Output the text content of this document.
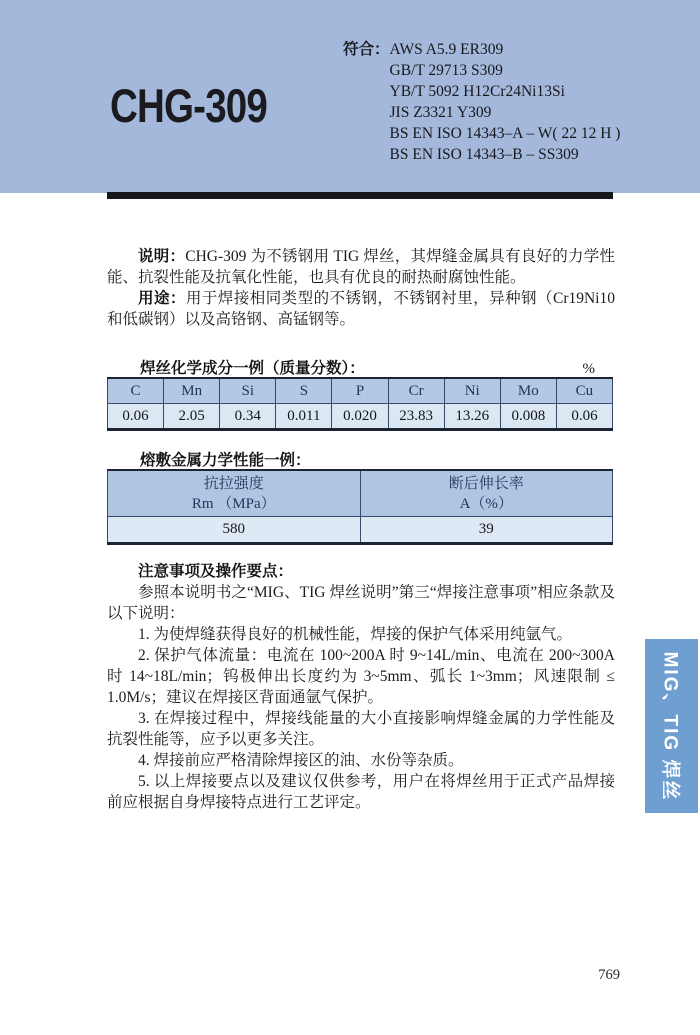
CHG-309
符合： AWS A5.9 ER309
GB/T 29713 S309
YB/T 5092 H12Cr24Ni13Si
JIS Z3321 Y309
BS EN ISO 14343–A – W( 22 12 H )
BS EN ISO 14343–B – SS309

说明：CHG-309 为不锈钢用 TIG 焊丝，其焊缝金属具有良好的力学性能、抗裂性能及抗氧化性能，也具有优良的耐热耐腐蚀性能。

用途：用于焊接相同类型的不锈钢，不锈钢衬里，异种钢（Cr19Ni10 和低碳钢）以及高铬钢、高锰钢等。

焊丝化学成分一例（质量分数）：	%
C	Mn	Si	S	P	Cr	Ni	Mo	Cu
0.06	2.05	0.34	0.011	0.020	23.83	13.26	0.008	0.06
熔敷金属力学性能一例：
抗拉强度
Rm （MPa）

断后伸长率
A（%）

580	39
注意事项及操作要点：

参照本说明书之“MIG、TIG 焊丝说明”第三“焊接注意事项”相应条款及以下说明：

1. 为使焊缝获得良好的机械性能，焊接的保护气体采用纯氩气。

2. 保护气体流量：电流在 100~200A 时 9~14L/min、电流在 200~300A 时 14~18L/min；钨极伸出长度约为 3~5mm、弧长 1~3mm；风速限制 ≤ 1.0M/s；建议在焊接区背面通氩气保护。

3. 在焊接过程中，焊接线能量的大小直接影响焊缝金属的力学性能及抗裂性能等，应予以更多关注。

4. 焊接前应严格清除焊接区的油、水份等杂质。

5. 以上焊接要点以及建议仅供参考，用户在将焊丝用于正式产品焊接前应根据自身焊接特点进行工艺评定。

MIG、TIG 焊丝
769
